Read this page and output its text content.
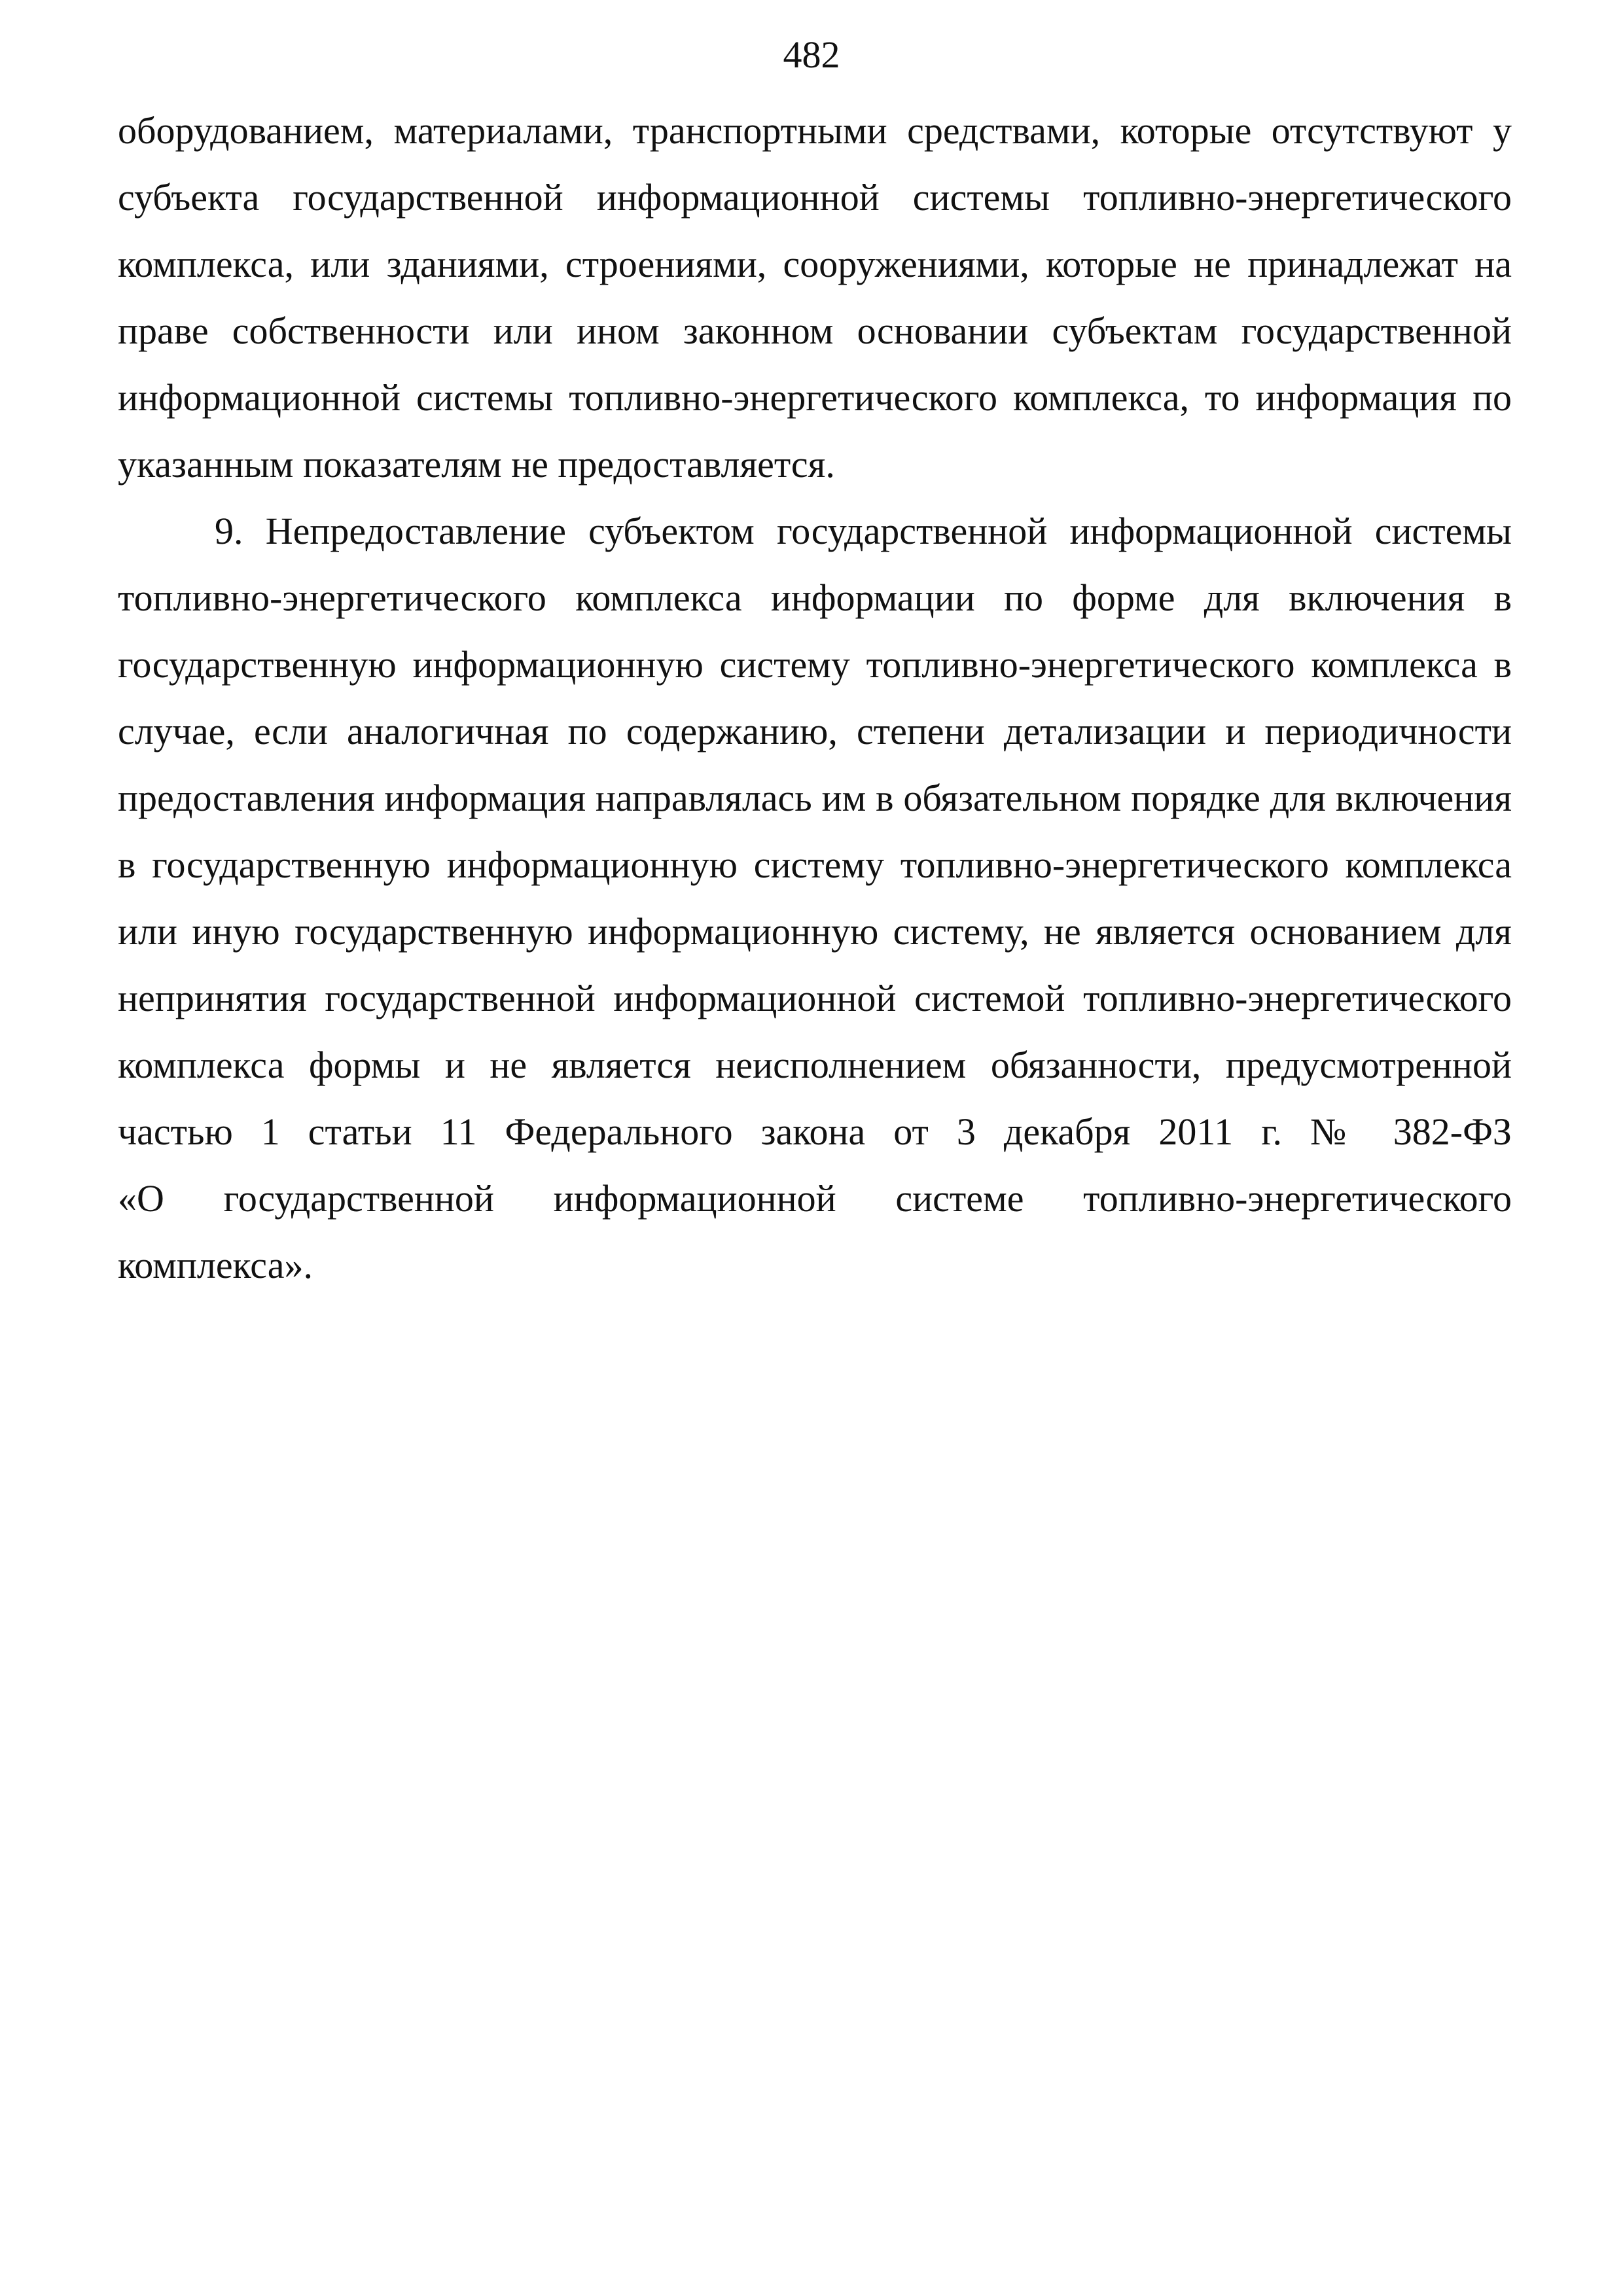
482
оборудованием, материалами, транспортными средствами, которые отсутствуют у
субъекта государственной информационной системы топливно-энергетического
комплекса, или зданиями, строениями, сооружениями, которые не принадлежат на
праве собственности или ином законном основании субъектам государственной
информационной системы топливно-энергетического комплекса, то информация по
указанным показателям не предоставляется.
9. Непредоставление субъектом государственной информационной системы
топливно-энергетического комплекса информации по форме для включения в
государственную информационную систему топливно-энергетического комплекса в
случае, если аналогичная по содержанию, степени детализации и периодичности
предоставления информация направлялась им в обязательном порядке для включения
в государственную информационную систему топливно-энергетического комплекса
или иную государственную информационную систему, не является основанием для
непринятия государственной информационной системой топливно-энергетического
комплекса формы и не является неисполнением обязанности, предусмотренной
частью 1 статьи 11 Федерального закона от 3 декабря 2011 г. № 382-ФЗ
«О государственной информационной системе топливно-энергетического
комплекса».
